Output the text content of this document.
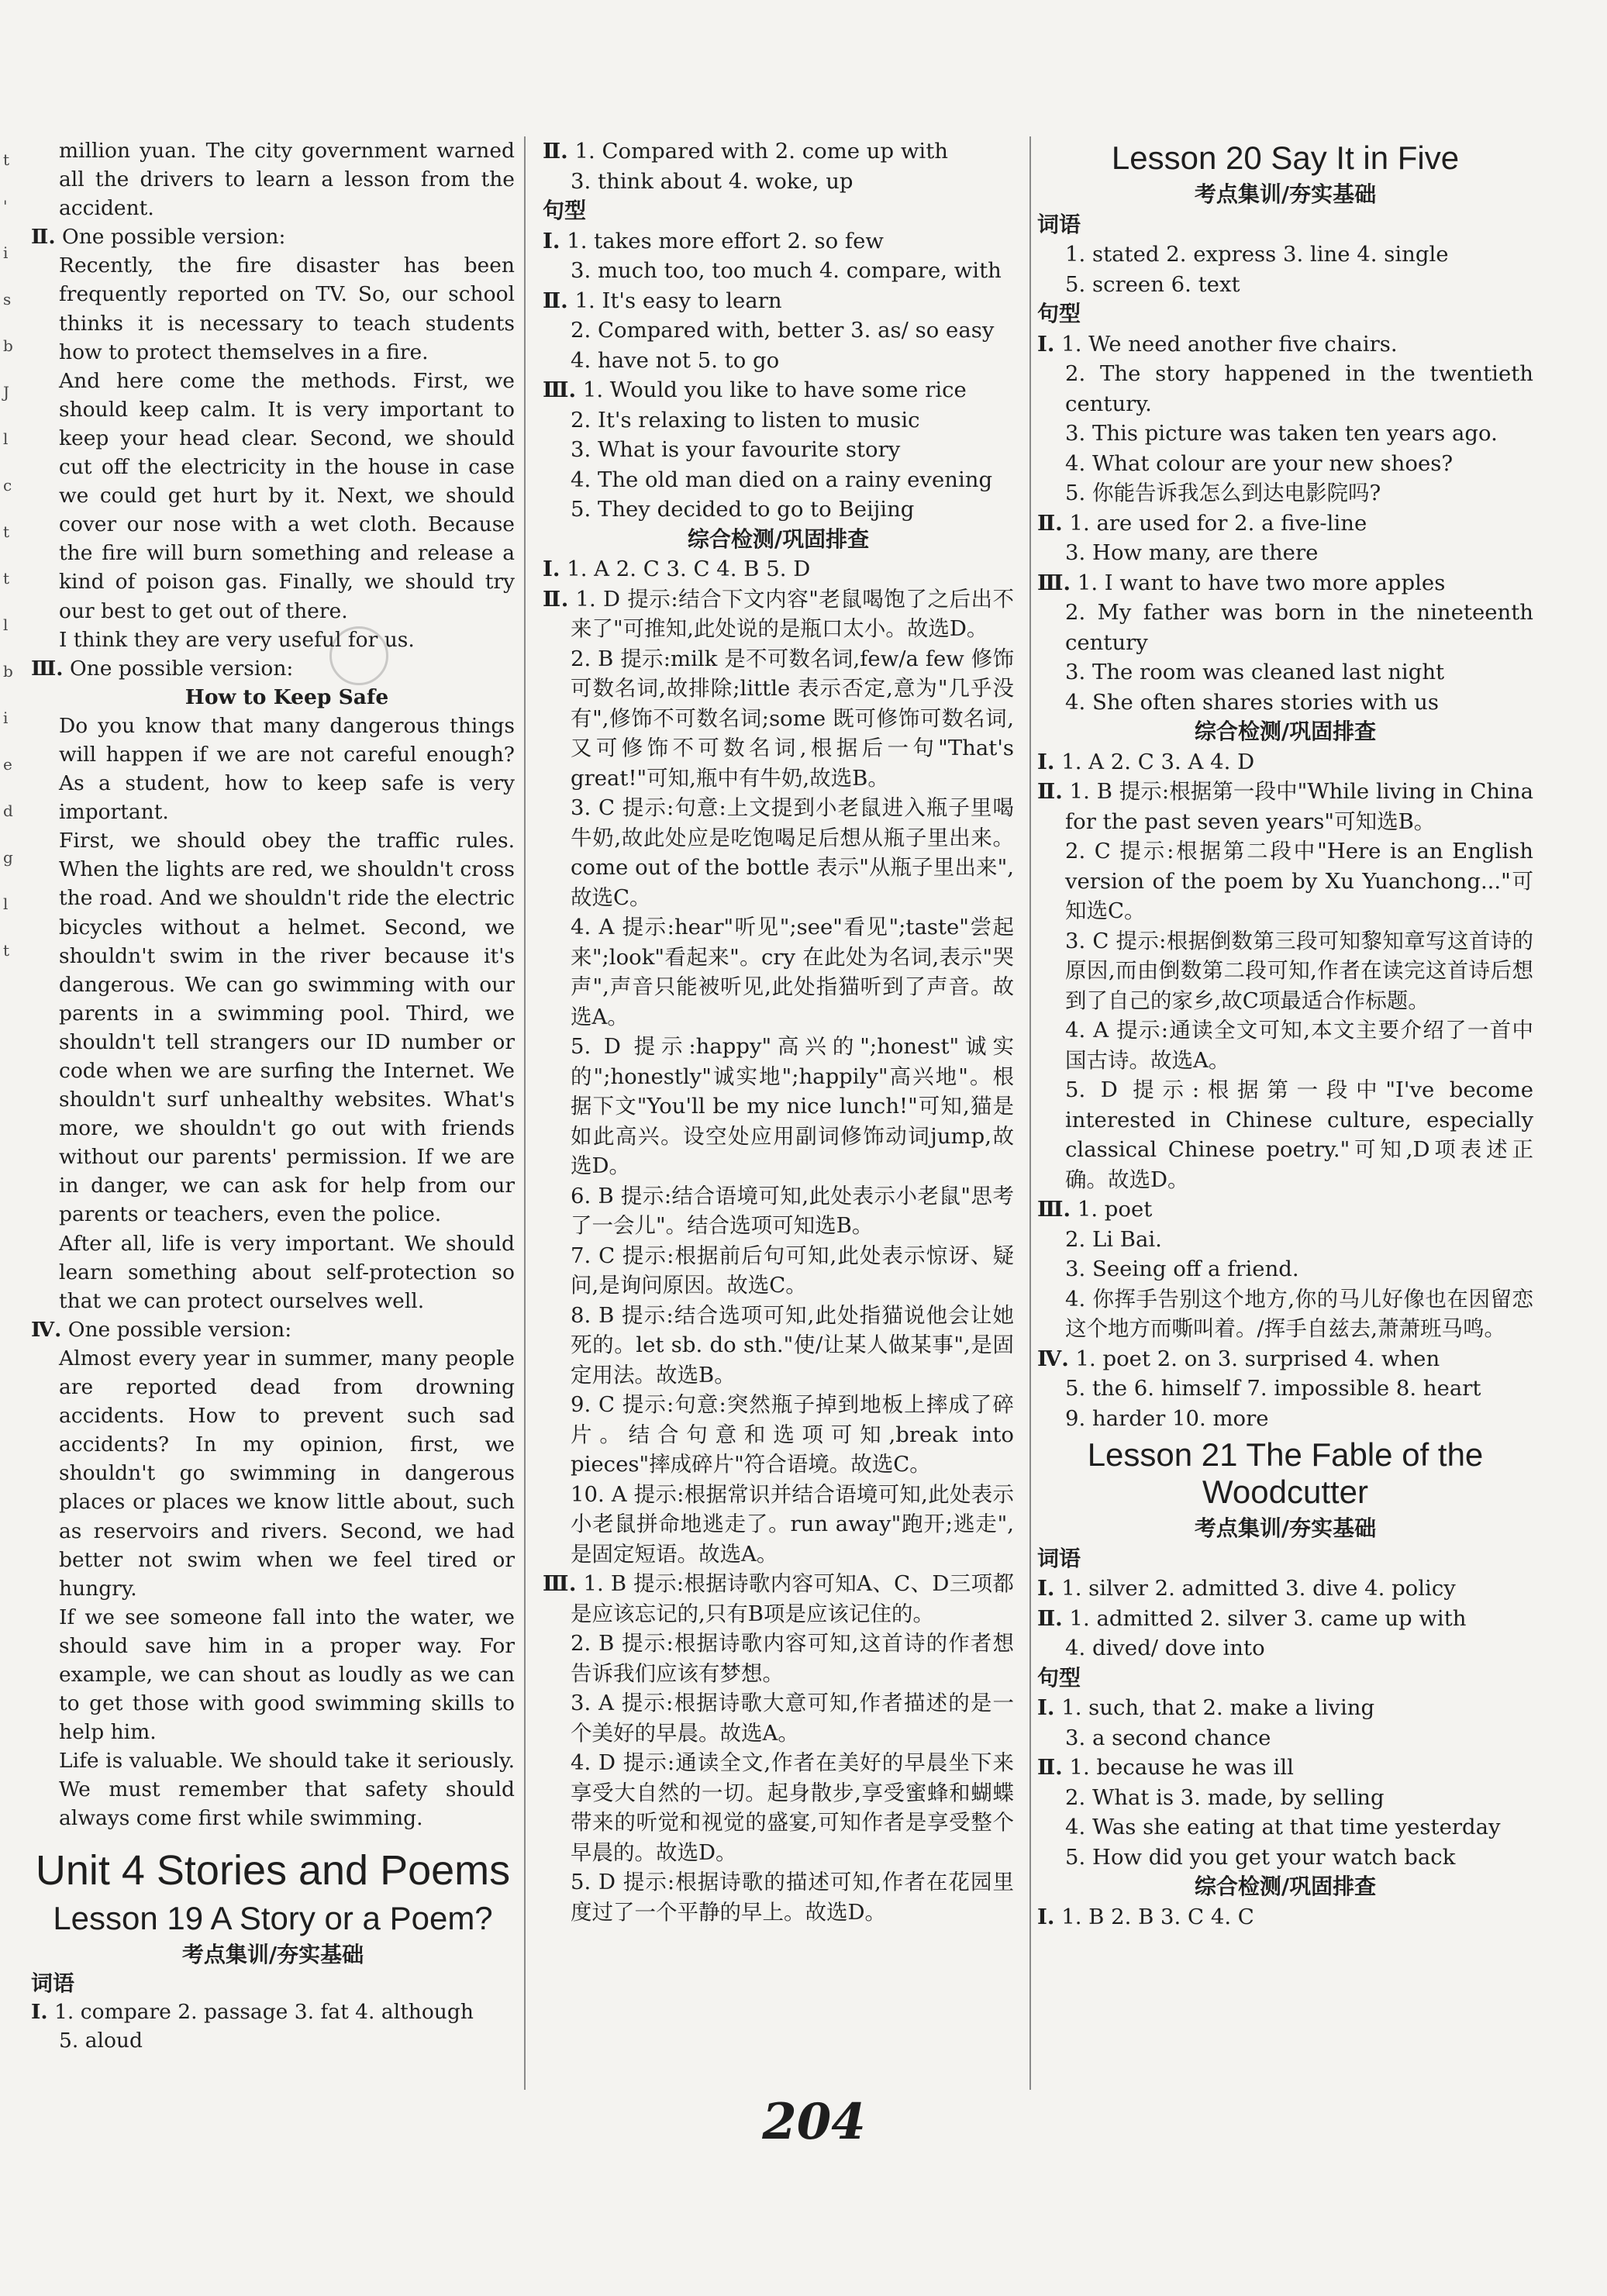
t
'
i
s
b
J
l
c
t
t
l
b
i
e
d
g
l
t

million yuan. The city government warned all the drivers to learn a lesson from the accident.

Ⅱ. One possible version:

Recently, the fire disaster has been frequently reported on TV. So, our school thinks it is necessary to teach students how to protect themselves in a fire.

And here come the methods. First, we should keep calm. It is very important to keep your head clear. Second, we should cut off the electricity in the house in case we could get hurt by it. Next, we should cover our nose with a wet cloth. Because the fire will burn something and release a kind of poison gas. Finally, we should try our best to get out of there.

I think they are very useful for us.

Ⅲ. One possible version:

How to Keep Safe

Do you know that many dangerous things will happen if we are not careful enough? As a student, how to keep safe is very important.

First, we should obey the traffic rules. When the lights are red, we shouldn't cross the road. And we shouldn't ride the electric bicycles without a helmet. Second, we shouldn't swim in the river because it's dangerous. We can go swimming with our parents in a swimming pool. Third, we shouldn't tell strangers our ID number or code when we are surfing the Internet. We shouldn't surf unhealthy websites. What's more, we shouldn't go out with friends without our parents' permission. If we are in danger, we can ask for help from our parents or teachers, even the police.

After all, life is very important. We should learn something about self-protection so that we can protect ourselves well.

Ⅳ. One possible version:

Almost every year in summer, many people are reported dead from drowning accidents. How to prevent such sad accidents? In my opinion, first, we shouldn't go swimming in dangerous places or places we know little about, such as reservoirs and rivers. Second, we had better not swim when we feel tired or hungry.

If we see someone fall into the water, we should save him in a proper way. For example, we can shout as loudly as we can to get those with good swimming skills to help him.

Life is valuable. We should take it seriously. We must remember that safety should always come first while swimming.

Unit 4 Stories and Poems
Lesson 19 A Story or a Poem?

考点集训/夯实基础

词语

Ⅰ. 1. compare 2. passage 3. fat 4. although

5. aloud

Ⅱ. 1. Compared with 2. come up with

3. think about 4. woke, up

句型

Ⅰ. 1. takes more effort 2. so few

3. much too, too much 4. compare, with

Ⅱ. 1. It's easy to learn

2. Compared with, better 3. as/ so easy

4. have not 5. to go

Ⅲ. 1. Would you like to have some rice

2. It's relaxing to listen to music

3. What is your favourite story

4. The old man died on a rainy evening

5. They decided to go to Beijing

综合检测/巩固排查

Ⅰ. 1. A 2. C 3. C 4. B 5. D

Ⅱ. 1. D 提示:结合下文内容"老鼠喝饱了之后出不来了"可推知,此处说的是瓶口太小。故选D。

2. B 提示:milk 是不可数名词,few/a few 修饰可数名词,故排除;little 表示否定,意为"几乎没有",修饰不可数名词;some 既可修饰可数名词,又可修饰不可数名词,根据后一句"That's great!"可知,瓶中有牛奶,故选B。

3. C 提示:句意:上文提到小老鼠进入瓶子里喝牛奶,故此处应是吃饱喝足后想从瓶子里出来。come out of the bottle 表示"从瓶子里出来",故选C。

4. A 提示:hear"听见";see"看见";taste"尝起来";look"看起来"。cry 在此处为名词,表示"哭声",声音只能被听见,此处指猫听到了声音。故选A。

5. D 提示:happy"高兴的";honest"诚实的";honestly"诚实地";happily"高兴地"。根据下文"You'll be my nice lunch!"可知,猫是如此高兴。设空处应用副词修饰动词jump,故选D。

6. B 提示:结合语境可知,此处表示小老鼠"思考了一会儿"。结合选项可知选B。

7. C 提示:根据前后句可知,此处表示惊讶、疑问,是询问原因。故选C。

8. B 提示:结合选项可知,此处指猫说他会让她死的。let sb. do sth."使/让某人做某事",是固定用法。故选B。

9. C 提示:句意:突然瓶子掉到地板上摔成了碎片。结合句意和选项可知,break into pieces"摔成碎片"符合语境。故选C。

10. A 提示:根据常识并结合语境可知,此处表示小老鼠拼命地逃走了。run away"跑开;逃走",是固定短语。故选A。

Ⅲ. 1. B 提示:根据诗歌内容可知A、C、D三项都是应该忘记的,只有B项是应该记住的。

2. B 提示:根据诗歌内容可知,这首诗的作者想告诉我们应该有梦想。

3. A 提示:根据诗歌大意可知,作者描述的是一个美好的早晨。故选A。

4. D 提示:通读全文,作者在美好的早晨坐下来享受大自然的一切。起身散步,享受蜜蜂和蝴蝶带来的听觉和视觉的盛宴,可知作者是享受整个早晨的。故选D。

5. D 提示:根据诗歌的描述可知,作者在花园里度过了一个平静的早上。故选D。

Lesson 20 Say It in Five

考点集训/夯实基础

词语

1. stated 2. express 3. line 4. single

5. screen 6. text

句型

Ⅰ. 1. We need another five chairs.

2. The story happened in the twentieth century.

3. This picture was taken ten years ago.

4. What colour are your new shoes?

5. 你能告诉我怎么到达电影院吗?

Ⅱ. 1. are used for 2. a five-line

3. How many, are there

Ⅲ. 1. I want to have two more apples

2. My father was born in the nineteenth century

3. The room was cleaned last night

4. She often shares stories with us

综合检测/巩固排查

Ⅰ. 1. A 2. C 3. A 4. D

Ⅱ. 1. B 提示:根据第一段中"While living in China for the past seven years"可知选B。

2. C 提示:根据第二段中"Here is an English version of the poem by Xu Yuanchong..."可知选C。

3. C 提示:根据倒数第三段可知黎知章写这首诗的原因,而由倒数第二段可知,作者在读完这首诗后想到了自己的家乡,故C项最适合作标题。

4. A 提示:通读全文可知,本文主要介绍了一首中国古诗。故选A。

5. D 提示:根据第一段中"I've become interested in Chinese culture, especially classical Chinese poetry."可知,D项表述正确。故选D。

Ⅲ. 1. poet

2. Li Bai.

3. Seeing off a friend.

4. 你挥手告别这个地方,你的马儿好像也在因留恋这个地方而嘶叫着。/挥手自兹去,萧萧班马鸣。

Ⅳ. 1. poet 2. on 3. surprised 4. when

5. the 6. himself 7. impossible 8. heart

9. harder 10. more

Lesson 21 The Fable of the Woodcutter

考点集训/夯实基础

词语

Ⅰ. 1. silver 2. admitted 3. dive 4. policy

Ⅱ. 1. admitted 2. silver 3. came up with

4. dived/ dove into

句型

Ⅰ. 1. such, that 2. make a living

3. a second chance

Ⅱ. 1. because he was ill

2. What is 3. made, by selling

4. Was she eating at that time yesterday

5. How did you get your watch back

综合检测/巩固排查

Ⅰ. 1. B 2. B 3. C 4. C

204
